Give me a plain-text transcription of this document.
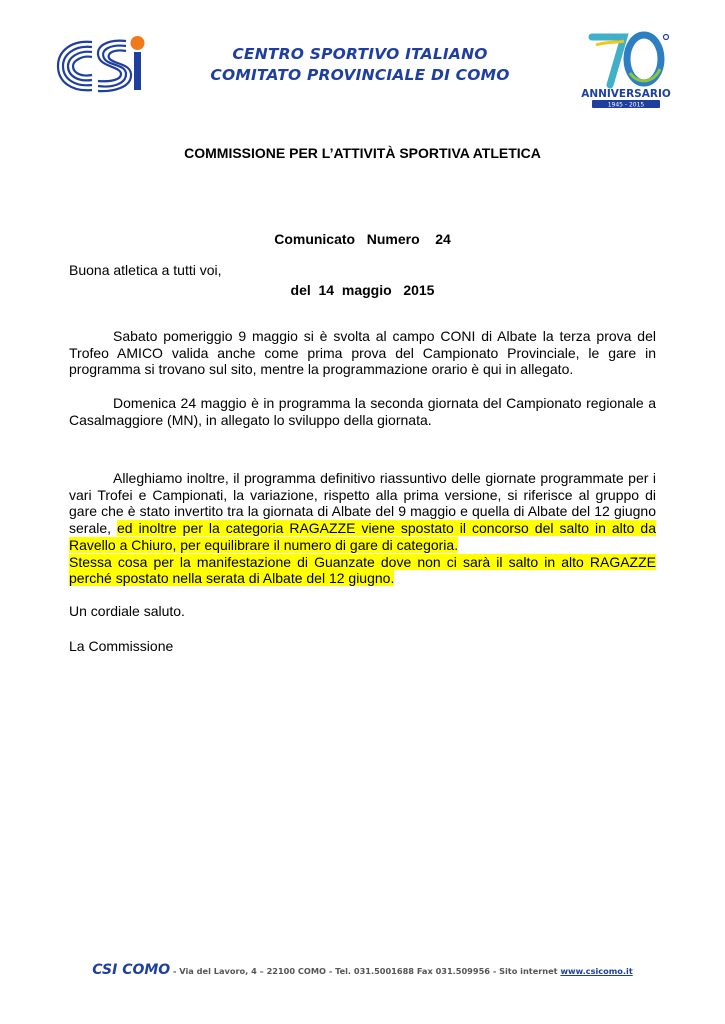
CENTRO SPORTIVO ITALIANO
COMITATO PROVINCIALE DI COMO
ANNIVERSARIO
1945 - 2015
COMMISSIONE PER L’ATTIVITÀ SPORTIVA ATLETICA

Comunicato   Numero    24

del  14  maggio   2015

Buona atletica a tutti voi,
Sabato pomeriggio 9 maggio si è svolta al campo CONI di Albate la terza prova del Trofeo AMICO valida anche come prima prova del Campionato Provinciale, le gare in programma si trovano sul sito, mentre la programmazione orario è qui in allegato.
Domenica 24 maggio è in programma la seconda giornata del Campionato regionale a Casalmaggiore (MN), in allegato lo sviluppo della giornata.
Alleghiamo inoltre, il programma definitivo riassuntivo delle giornate programmate per i vari Trofei e Campionati, la variazione, rispetto alla prima versione, si riferisce al gruppo di gare che è stato invertito tra la giornata di Albate del 9 maggio e quella di Albate del 12 giugno serale, ed inoltre per la categoria RAGAZZE viene spostato il concorso del salto in alto da Ravello a Chiuro, per equilibrare il numero di gare di categoria.
Stessa cosa per la manifestazione di Guanzate dove non ci sarà il salto in alto RAGAZZE perché spostato nella serata di Albate del 12 giugno.
Un cordiale saluto.
La Commissione
CSI COMO - Via del Lavoro, 4 – 22100 COMO - Tel. 031.5001688 Fax 031.509956 - Sito internet www.csicomo.it
